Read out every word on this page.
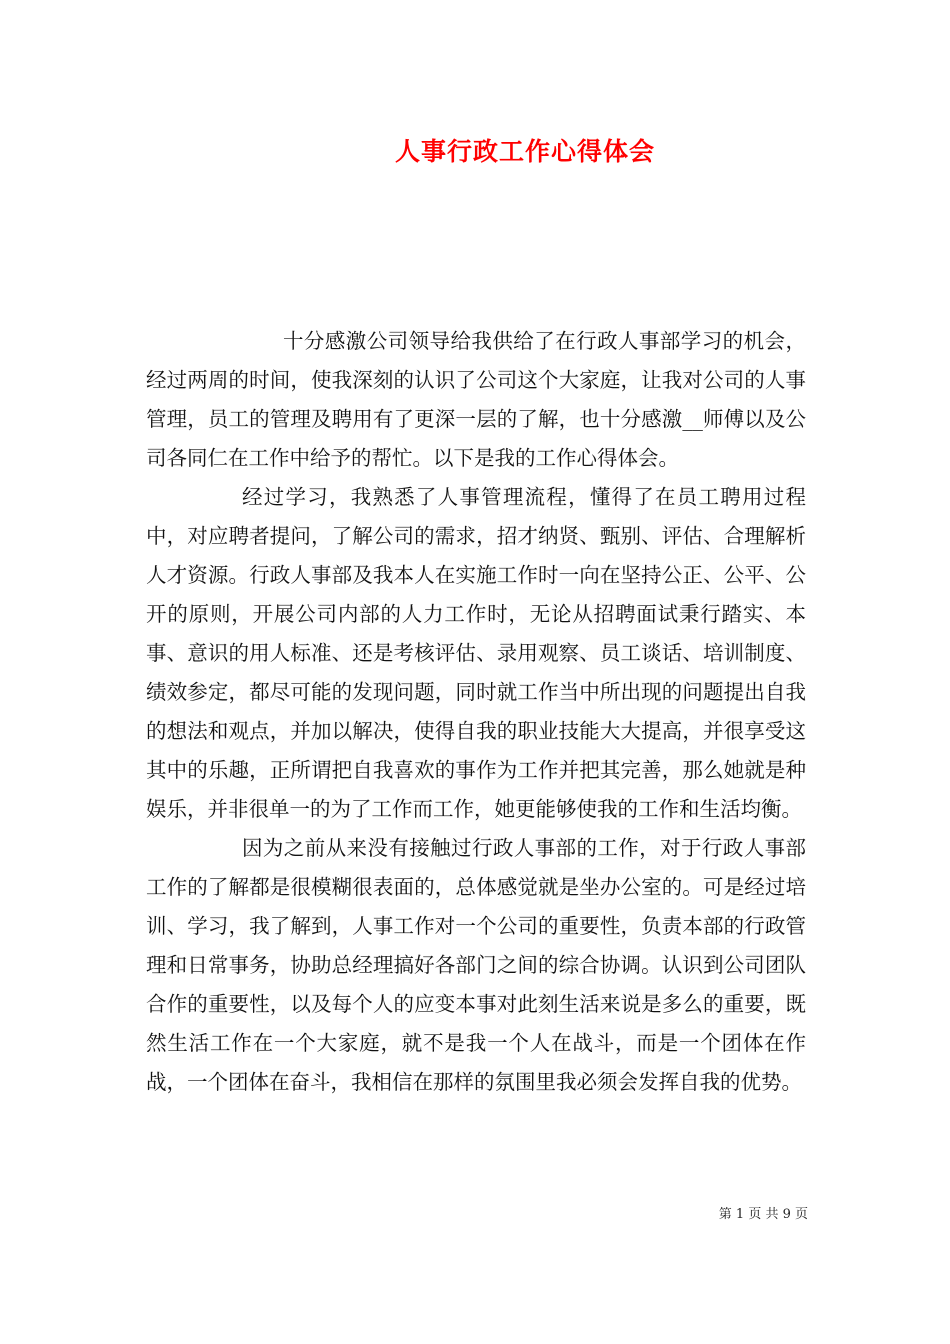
人事行政工作心得体会

十分感激公司领导给我供给了在行政人事部学习的机会，经过两周的时间，使我深刻的认识了公司这个大家庭，让我对公司的人事管理，员工的管理及聘用有了更深一层的了解，也十分感激__师傅以及公司各同仁在工作中给予的帮忙。以下是我的工作心得体会。

经过学习，我熟悉了人事管理流程，懂得了在员工聘用过程中，对应聘者提问，了解公司的需求，招才纳贤、甄别、评估、合理解析人才资源。行政人事部及我本人在实施工作时一向在坚持公正、公平、公开的原则，开展公司内部的人力工作时，无论从招聘面试秉行踏实、本事、意识的用人标准、还是考核评估、录用观察、员工谈话、培训制度、绩效参定，都尽可能的发现问题，同时就工作当中所出现的问题提出自我的想法和观点，并加以解决，使得自我的职业技能大大提高，并很享受这其中的乐趣，正所谓把自我喜欢的事作为工作并把其完善，那么她就是种娱乐，并非很单一的为了工作而工作，她更能够使我的工作和生活均衡。

因为之前从来没有接触过行政人事部的工作，对于行政人事部工作的了解都是很模糊很表面的，总体感觉就是坐办公室的。可是经过培训、学习，我了解到，人事工作对一个公司的重要性，负责本部的行政管理和日常事务，协助总经理搞好各部门之间的综合协调。认识到公司团队合作的重要性，以及每个人的应变本事对此刻生活来说是多么的重要，既然生活工作在一个大家庭，就不是我一个人在战斗，而是一个团体在作战，一个团体在奋斗，我相信在那样的氛围里我必须会发挥自我的优势。

第 1 页 共 9 页
